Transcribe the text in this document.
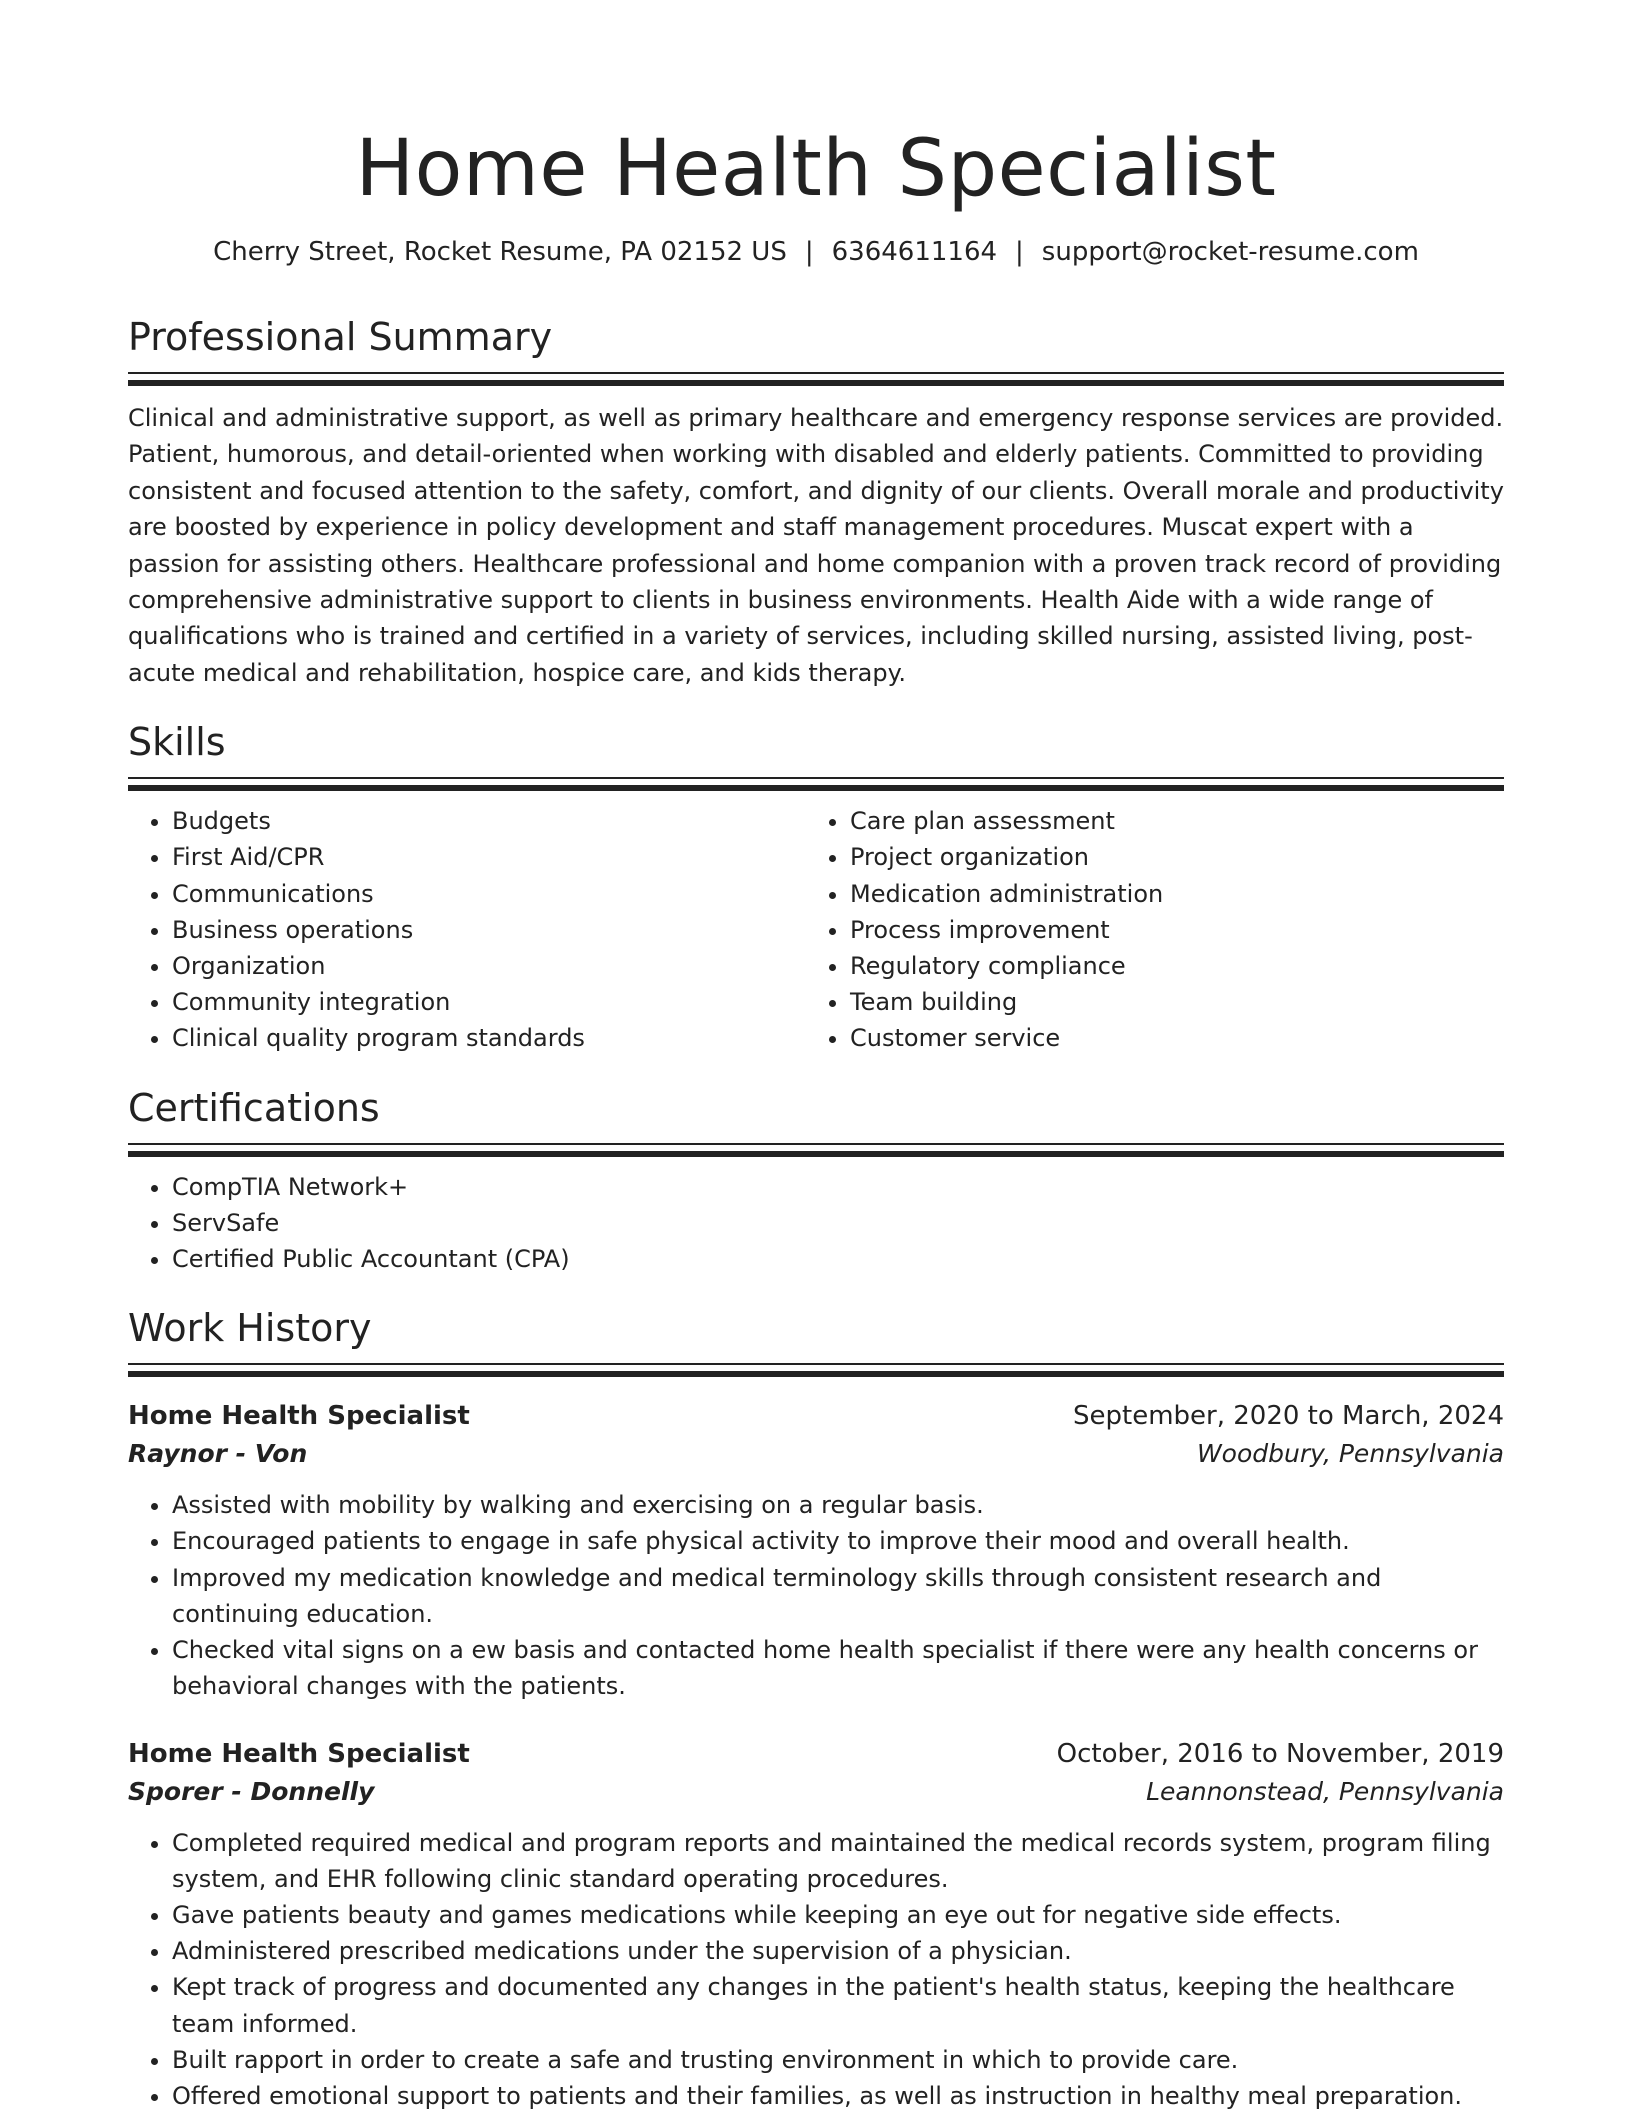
Home Health Specialist
Cherry Street, Rocket Resume, PA 02152 US | 6364611164 | support@rocket-resume.com
Professional Summary
Clinical and administrative support, as well as primary healthcare and emergency response services are provided. Patient, humorous, and detail-oriented when working with disabled and elderly patients. Committed to providing consistent and focused attention to the safety, comfort, and dignity of our clients. Overall morale and productivity are boosted by experience in policy development and staff management procedures. Muscat expert with a passion for assisting others. Healthcare professional and home companion with a proven track record of providing comprehensive administrative support to clients in business environments. Health Aide with a wide range of qualifications who is trained and certified in a variety of services, including skilled nursing, assisted living, post-acute medical and rehabilitation, hospice care, and kids therapy.
Skills
• Budgets
• First Aid/CPR
• Communications
• Business operations
• Organization
• Community integration
• Clinical quality program standards
• Care plan assessment
• Project organization
• Medication administration
• Process improvement
• Regulatory compliance
• Team building
• Customer service
Certifications
• CompTIA Network+
• ServSafe
• Certified Public Accountant (CPA)
Work History
Home Health Specialist	September, 2020 to March, 2024
Raynor - Von	Woodbury, Pennsylvania
• Assisted with mobility by walking and exercising on a regular basis.
• Encouraged patients to engage in safe physical activity to improve their mood and overall health.
• Improved my medication knowledge and medical terminology skills through consistent research and continuing education.
• Checked vital signs on a ew basis and contacted home health specialist if there were any health concerns or behavioral changes with the patients.
Home Health Specialist	October, 2016 to November, 2019
Sporer - Donnelly	Leannonstead, Pennsylvania
• Completed required medical and program reports and maintained the medical records system, program filing system, and EHR following clinic standard operating procedures.
• Gave patients beauty and games medications while keeping an eye out for negative side effects.
• Administered prescribed medications under the supervision of a physician.
• Kept track of progress and documented any changes in the patient's health status, keeping the healthcare team informed.
• Built rapport in order to create a safe and trusting environment in which to provide care.
• Offered emotional support to patients and their families, as well as instruction in healthy meal preparation.
